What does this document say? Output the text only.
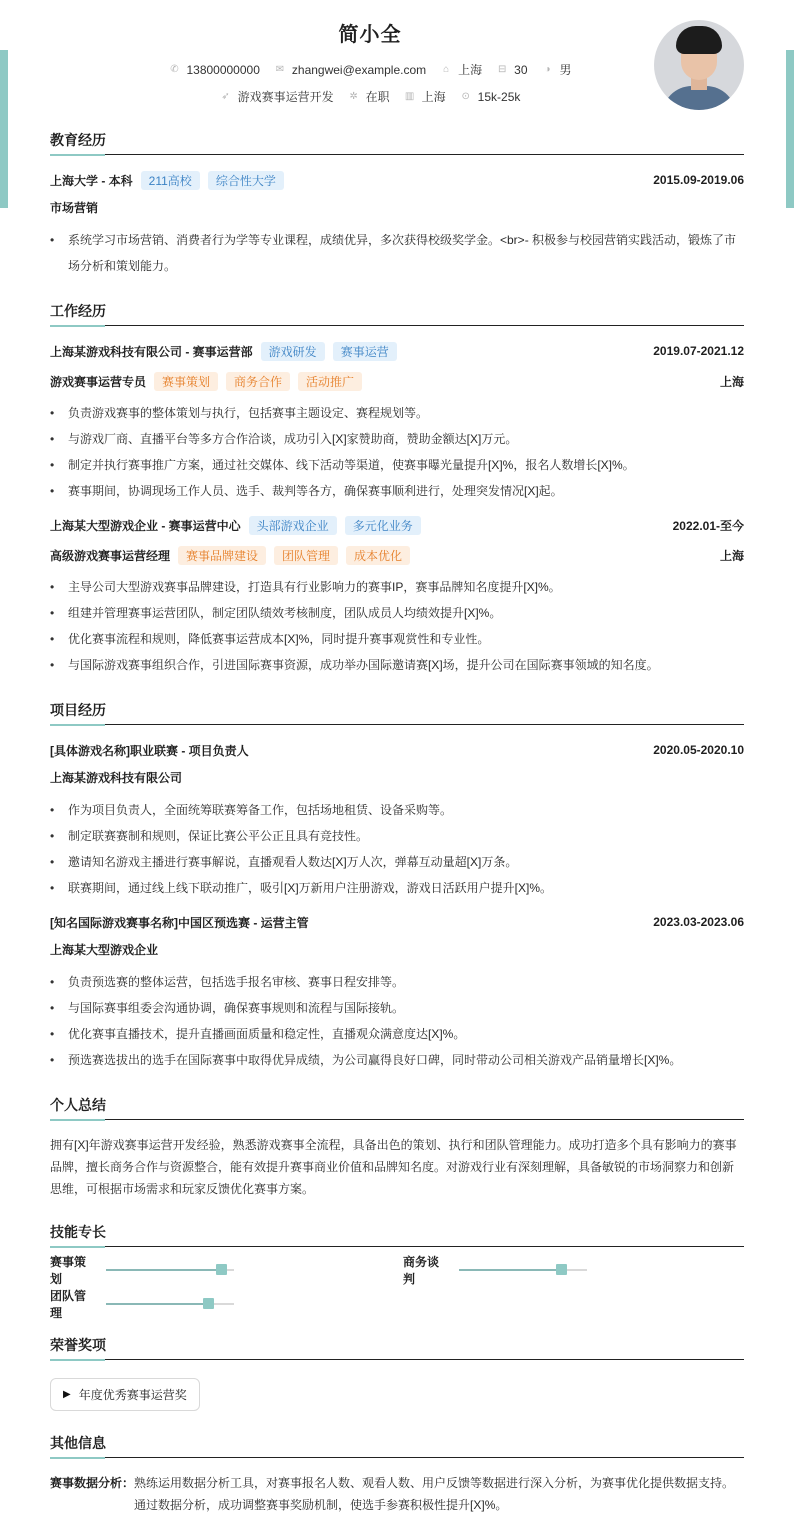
简小全
✆ 13800000000 ✉ zhangwei@example.com ⌂ 上海 ⊟ 30 ◑ 男
➶ 游戏赛事运营开发 ✲ 在职 ▥ 上海 ⊙ 15k-25k
教育经历
上海大学 - 本科	211高校	综合性大学	2015.09-2019.06
市场营销
• 系统学习市场营销、消费者行为学等专业课程，成绩优异，多次获得校级奖学金。<br>- 积极参与校园营销实践活动，锻炼了市场分析和策划能力。
工作经历
上海某游戏科技有限公司 - 赛事运营部	游戏研发	赛事运营	2019.07-2021.12
游戏赛事运营专员	赛事策划	商务合作	活动推广	上海
• 负责游戏赛事的整体策划与执行，包括赛事主题设定、赛程规划等。
• 与游戏厂商、直播平台等多方合作洽谈，成功引入[X]家赞助商，赞助金额达[X]万元。
• 制定并执行赛事推广方案，通过社交媒体、线下活动等渠道，使赛事曝光量提升[X]%，报名人数增长[X]%。
• 赛事期间，协调现场工作人员、选手、裁判等各方，确保赛事顺利进行，处理突发情况[X]起。
上海某大型游戏企业 - 赛事运营中心	头部游戏企业	多元化业务	2022.01-至今
高级游戏赛事运营经理	赛事品牌建设	团队管理	成本优化	上海
• 主导公司大型游戏赛事品牌建设，打造具有行业影响力的赛事IP，赛事品牌知名度提升[X]%。
• 组建并管理赛事运营团队，制定团队绩效考核制度，团队成员人均绩效提升[X]%。
• 优化赛事流程和规则，降低赛事运营成本[X]%，同时提升赛事观赏性和专业性。
• 与国际游戏赛事组织合作，引进国际赛事资源，成功举办国际邀请赛[X]场，提升公司在国际赛事领域的知名度。
项目经历
[具体游戏名称]职业联赛 - 项目负责人	2020.05-2020.10
上海某游戏科技有限公司
• 作为项目负责人，全面统筹联赛筹备工作，包括场地租赁、设备采购等。
• 制定联赛赛制和规则，保证比赛公平公正且具有竞技性。
• 邀请知名游戏主播进行赛事解说，直播观看人数达[X]万人次，弹幕互动量超[X]万条。
• 联赛期间，通过线上线下联动推广，吸引[X]万新用户注册游戏，游戏日活跃用户提升[X]%。
[知名国际游戏赛事名称]中国区预选赛 - 运营主管	2023.03-2023.06
上海某大型游戏企业
• 负责预选赛的整体运营，包括选手报名审核、赛事日程安排等。
• 与国际赛事组委会沟通协调，确保赛事规则和流程与国际接轨。
• 优化赛事直播技术，提升直播画面质量和稳定性，直播观众满意度达[X]%。
• 预选赛选拔出的选手在国际赛事中取得优异成绩，为公司赢得良好口碑，同时带动公司相关游戏产品销量增长[X]%。
个人总结
拥有[X]年游戏赛事运营开发经验，熟悉游戏赛事全流程，具备出色的策划、执行和团队管理能力。成功打造多个具有影响力的赛事品牌，擅长商务合作与资源整合，能有效提升赛事商业价值和品牌知名度。对游戏行业有深刻理解，具备敏锐的市场洞察力和创新思维，可根据市场需求和玩家反馈优化赛事方案。
技能专长
赛事策划
商务谈判
团队管理
荣誉奖项
▶ 年度优秀赛事运营奖
其他信息
赛事数据分析： 熟练运用数据分析工具，对赛事报名人数、观看人数、用户反馈等数据进行深入分析，为赛事优化提供数据支持。通过数据分析，成功调整赛事奖励机制，使选手参赛积极性提升[X]%。
